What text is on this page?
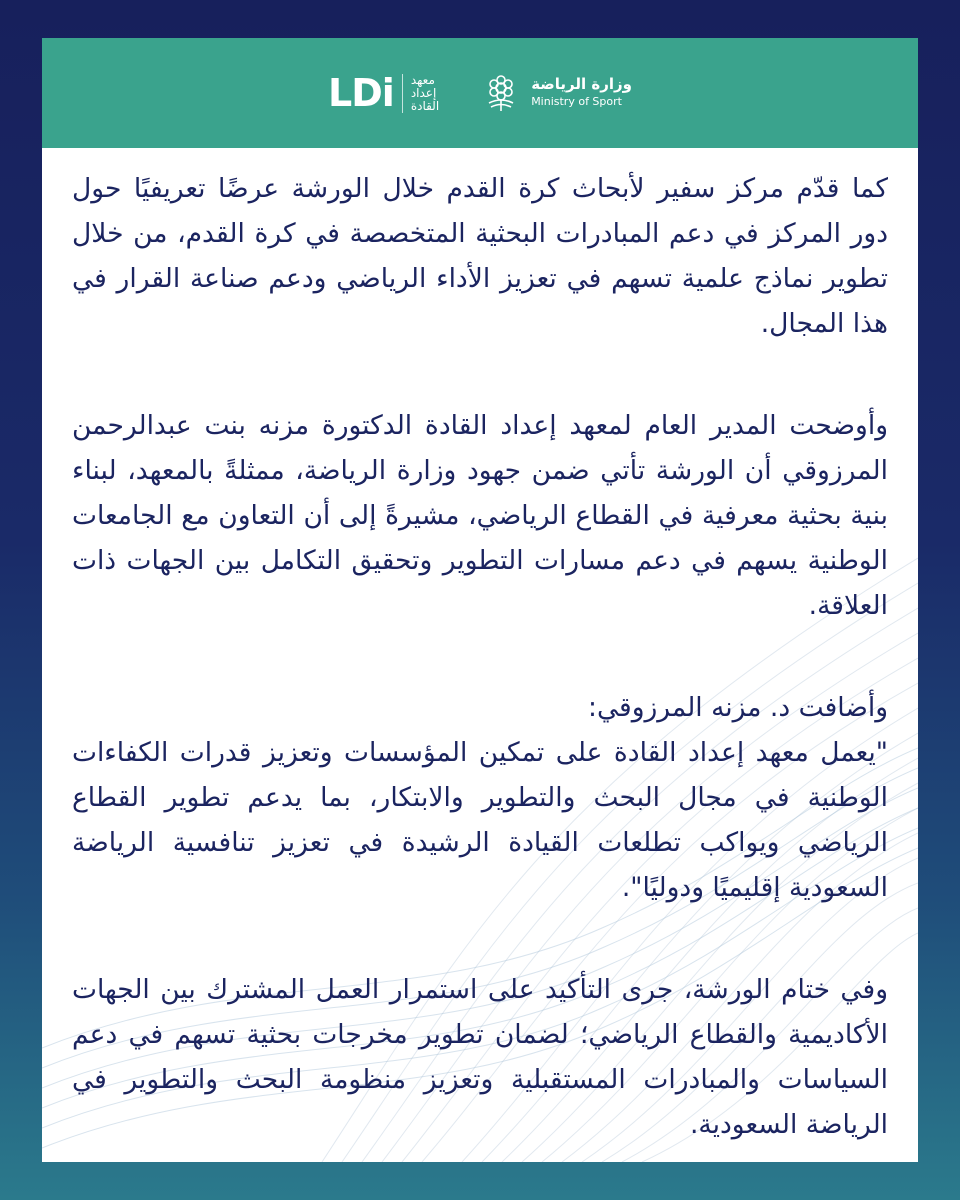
LDi معهد
إعداد
القادة
وزارة الرياضة
Ministry of Sport

كما قدّم مركز سفير لأبحاث كرة القدم خلال الورشة عرضًا تعريفيًا حول دور المركز في دعم المبادرات البحثية المتخصصة في كرة القدم، من خلال تطوير نماذج علمية تسهم في تعزيز الأداء الرياضي ودعم صناعة القرار في هذا المجال.

وأوضحت المدير العام لمعهد إعداد القادة الدكتورة مزنه بنت عبدالرحمن المرزوقي أن الورشة تأتي ضمن جهود وزارة الرياضة، ممثلةً بالمعهد، لبناء بنية بحثية معرفية في القطاع الرياضي، مشيرةً إلى أن التعاون مع الجامعات الوطنية يسهم في دعم مسارات التطوير وتحقيق التكامل بين الجهات ذات العلاقة.

وأضافت د. مزنه المرزوقي:
"يعمل معهد إعداد القادة على تمكين المؤسسات وتعزيز قدرات الكفاءات الوطنية في مجال البحث والتطوير والابتكار، بما يدعم تطوير القطاع الرياضي ويواكب تطلعات القيادة الرشيدة في تعزيز تنافسية الرياضة السعودية إقليميًا ودوليًا".

وفي ختام الورشة، جرى التأكيد على استمرار العمل المشترك بين الجهات الأكاديمية والقطاع الرياضي؛ لضمان تطوير مخرجات بحثية تسهم في دعم السياسات والمبادرات المستقبلية وتعزيز منظومة البحث والتطوير في الرياضة السعودية.
